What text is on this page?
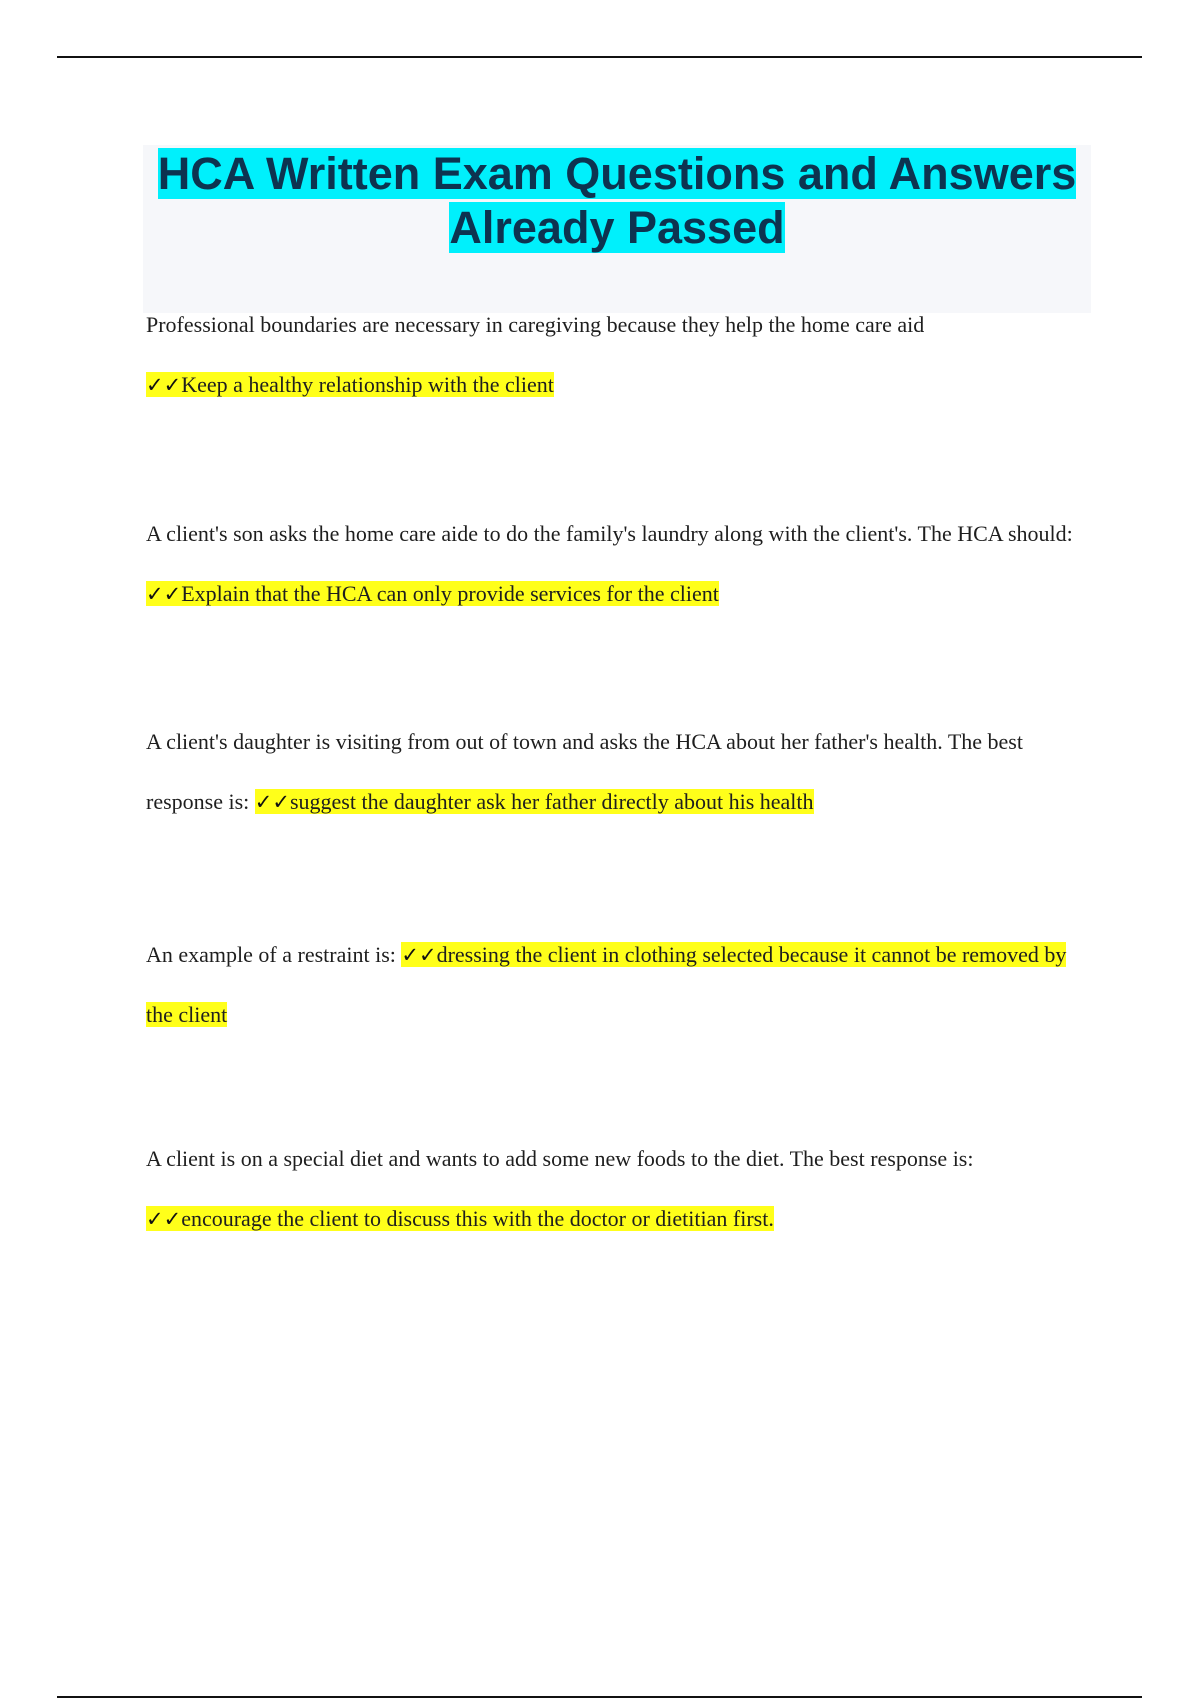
HCA Written Exam Questions and Answers Already Passed

Professional boundaries are necessary in caregiving because they help the home care aid
✓✓Keep a healthy relationship with the client

A client's son asks the home care aide to do the family's laundry along with the client's. The HCA should: ✓✓Explain that the HCA can only provide services for the client

A client's daughter is visiting from out of town and asks the HCA about her father's health. The best response is: ✓✓suggest the daughter ask her father directly about his health

An example of a restraint is: ✓✓dressing the client in clothing selected because it cannot be removed by the client

A client is on a special diet and wants to add some new foods to the diet. The best response is:
✓✓encourage the client to discuss this with the doctor or dietitian first.
